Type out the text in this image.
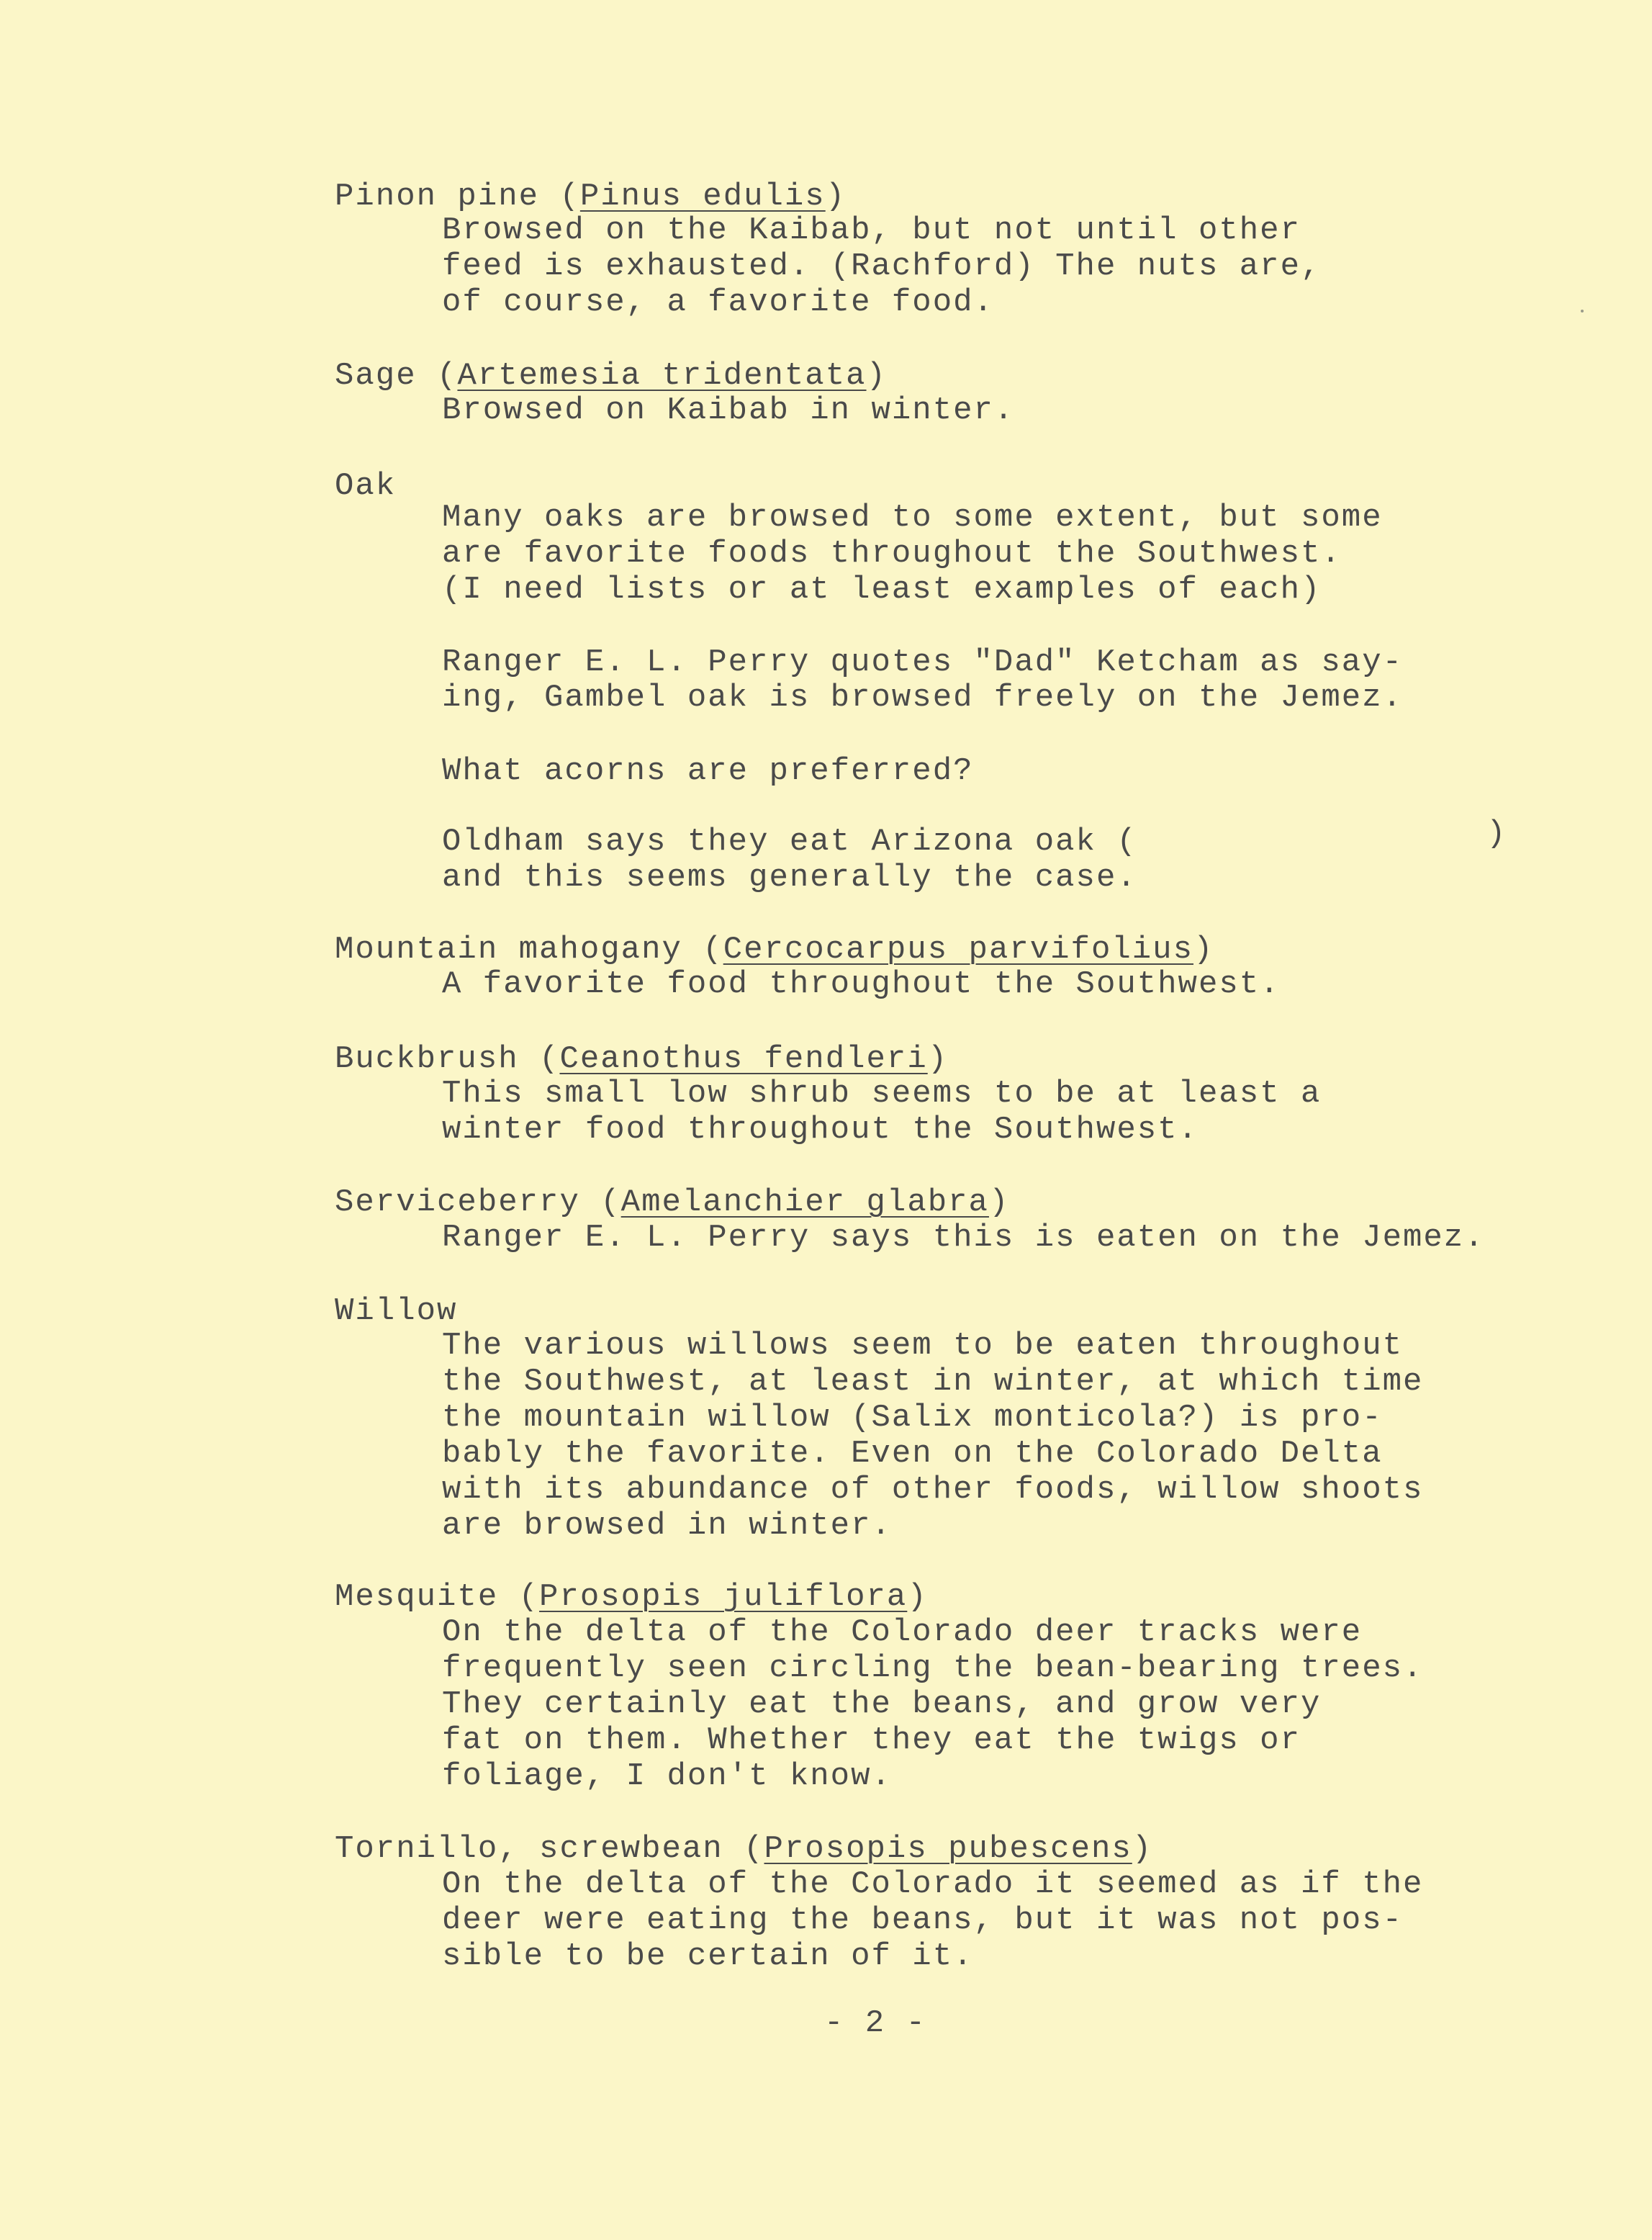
Pinon pine (Pinus edulis)
Browsed on the Kaibab, but not until other
feed is exhausted. (Rachford) The nuts are,
of course, a favorite food.
Sage (Artemesia tridentata)
Browsed on Kaibab in winter.
Oak
Many oaks are browsed to some extent, but some
are favorite foods throughout the Southwest.
(I need lists or at least examples of each)
Ranger E. L. Perry quotes "Dad" Ketcham as say-
ing, Gambel oak is browsed freely on the Jemez.
What acorns are preferred?
Oldham says they eat Arizona oak (	)
and this seems generally the case.
Mountain mahogany (Cercocarpus parvifolius)
A favorite food throughout the Southwest.
Buckbrush (Ceanothus fendleri)
This small low shrub seems to be at least a
winter food throughout the Southwest.
Serviceberry (Amelanchier glabra)
Ranger E. L. Perry says this is eaten on the Jemez.
Willow
The various willows seem to be eaten throughout
the Southwest, at least in winter, at which time
the mountain willow (Salix monticola?) is pro-
bably the favorite. Even on the Colorado Delta
with its abundance of other foods, willow shoots
are browsed in winter.
Mesquite (Prosopis juliflora)
On the delta of the Colorado deer tracks were
frequently seen circling the bean-bearing trees.
They certainly eat the beans, and grow very
fat on them. Whether they eat the twigs or
foliage, I don't know.
Tornillo, screwbean (Prosopis pubescens)
On the delta of the Colorado it seemed as if the
deer were eating the beans, but it was not pos-
sible to be certain of it.
- 2 -
